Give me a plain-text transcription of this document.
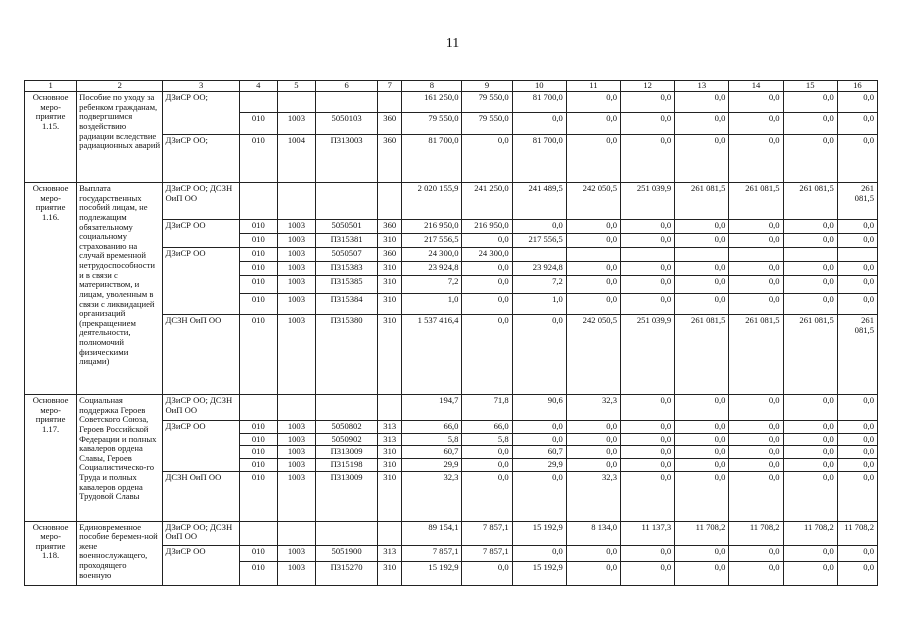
11
1	2	3	4	5	6	7	8	9	10	11	12	13	14	15	16
Основное меро-приятие 1.15.	Пособие по уходу за ребенком гражданам, подвергшимся воздействию радиации вследствие радиационных аварий	ДЗиСР ОО;					161 250,0	79 550,0	81 700,0	0,0	0,0	0,0	0,0	0,0	0,0
			010	1003	5050103	360	79 550,0	79 550,0	0,0	0,0	0,0	0,0	0,0	0,0	0,0
		ДЗиСР ОО;	010	1004	П313003	360	81 700,0	0,0	81 700,0	0,0	0,0	0,0	0,0	0,0	0,0
Основное меро-приятие 1.16.	Выплата государственных пособий лицам, не подлежащим обязательному социальному страхованию на случай временной нетрудоспособности и в связи с материнством, и лицам, уволенным в связи с ликвидацией организаций (прекращением деятельности, полномочий физическими лицами)	ДЗиСР ОО; ДСЗН ОиП ОО					2 020 155,9	241 250,0	241 489,5	242 050,5	251 039,9	261 081,5	261 081,5	261 081,5	261 081,5
		ДЗиСР ОО	010	1003	5050501	360	216 950,0	216 950,0	0,0	0,0	0,0	0,0	0,0	0,0	0,0
			010	1003	П315381	310	217 556,5	0,0	217 556,5	0,0	0,0	0,0	0,0	0,0	0,0
		ДЗиСР ОО	010	1003	5050507	360	24 300,0	24 300,0							
			010	1003	П315383	310	23 924,8	0,0	23 924,8	0,0	0,0	0,0	0,0	0,0	0,0
			010	1003	П315385	310	7,2	0,0	7,2	0,0	0,0	0,0	0,0	0,0	0,0
			010	1003	П315384	310	1,0	0,0	1,0	0,0	0,0	0,0	0,0	0,0	0,0
		ДСЗН ОиП ОО	010	1003	П315380	310	1 537 416,4	0,0	0,0	242 050,5	251 039,9	261 081,5	261 081,5	261 081,5	261 081,5
Основное меро-приятие 1.17.	Социальная поддержка Героев Советского Союза, Героев Российской Федерации и полных кавалеров ордена Славы, Героев Социалистическо-го Труда и полных кавалеров ордена Трудовой Славы	ДЗиСР ОО; ДСЗН ОиП ОО					194,7	71,8	90,6	32,3	0,0	0,0	0,0	0,0	0,0
		ДЗиСР ОО	010	1003	5050802	313	66,0	66,0	0,0	0,0	0,0	0,0	0,0	0,0	0,0
			010	1003	5050902	313	5,8	5,8	0,0	0,0	0,0	0,0	0,0	0,0	0,0
			010	1003	П313009	310	60,7	0,0	60,7	0,0	0,0	0,0	0,0	0,0	0,0
			010	1003	П315198	310	29,9	0,0	29,9	0,0	0,0	0,0	0,0	0,0	0,0
		ДСЗН ОиП ОО	010	1003	П313009	310	32,3	0,0	0,0	32,3	0,0	0,0	0,0	0,0	0,0
Основное меро-приятие 1.18.	Единовременное пособие беремен-ной жене военнослужащего, проходящего военную	ДЗиСР ОО; ДСЗН ОиП ОО					89 154,1	7 857,1	15 192,9	8 134,0	11 137,3	11 708,2	11 708,2	11 708,2	11 708,2
		ДЗиСР ОО	010	1003	5051900	313	7 857,1	7 857,1	0,0	0,0	0,0	0,0	0,0	0,0	0,0
			010	1003	П315270	310	15 192,9	0,0	15 192,9	0,0	0,0	0,0	0,0	0,0	0,0
